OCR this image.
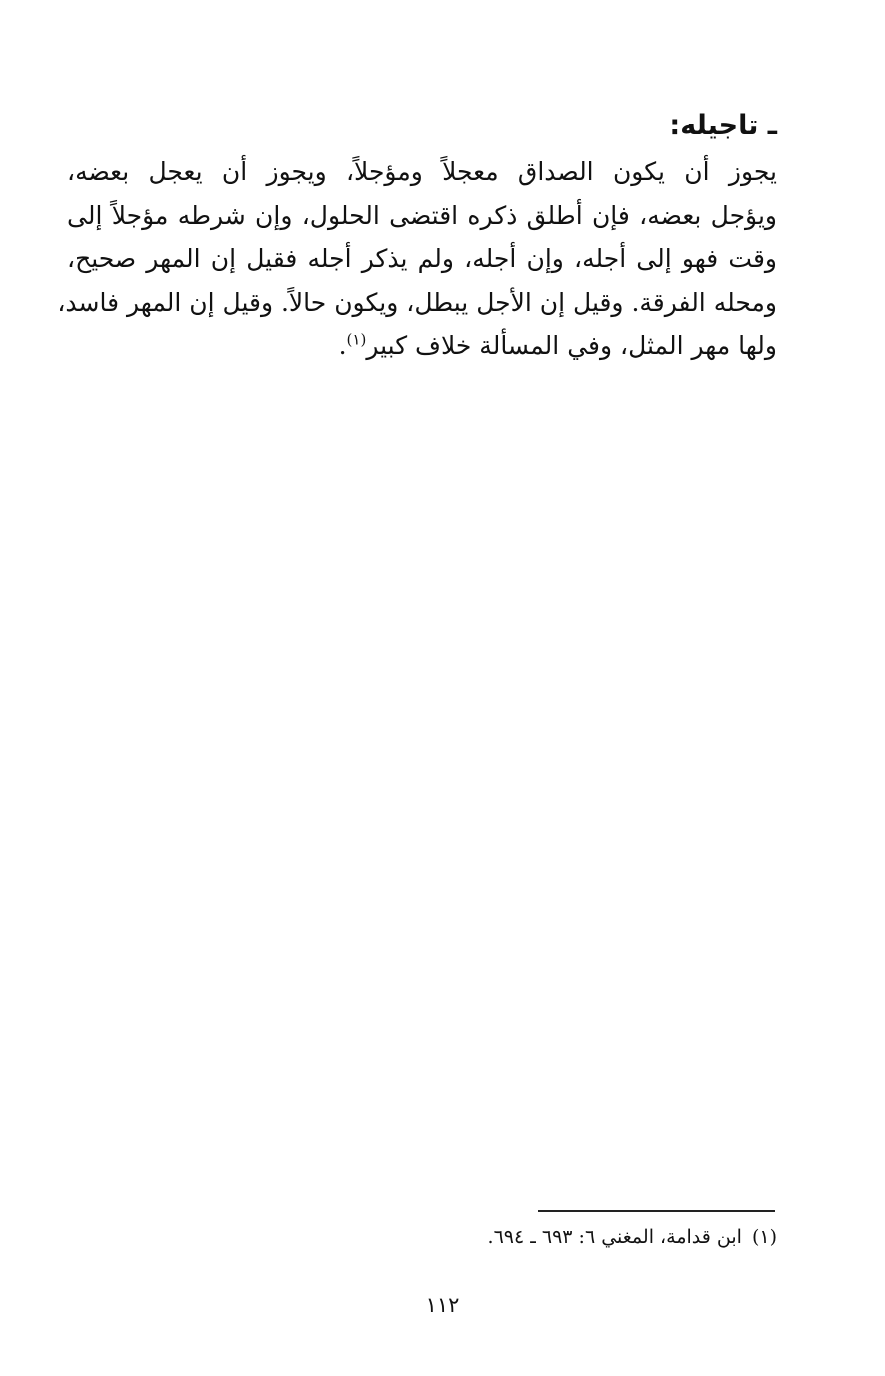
ـ تاجيله:
يجوز أن يكون الصداق معجلاً ومؤجلاً، ويجوز أن يعجل بعضه،
ويؤجل بعضه، فإن أطلق ذكره اقتضى الحلول، وإن شرطه مؤجلاً إلى
وقت فهو إلى أجله، وإن أجله، ولم يذكر أجله فقيل إن المهر صحيح،
ومحله الفرقة. وقيل إن الأجل يبطل، ويكون حالاً. وقيل إن المهر فاسد،
ولها مهر المثل، وفي المسألة خلاف كبير$^{(١)}$.
(١)ابن قدامة، المغني ٦: ٦٩٣ ـ ٦٩٤.
١١٢
